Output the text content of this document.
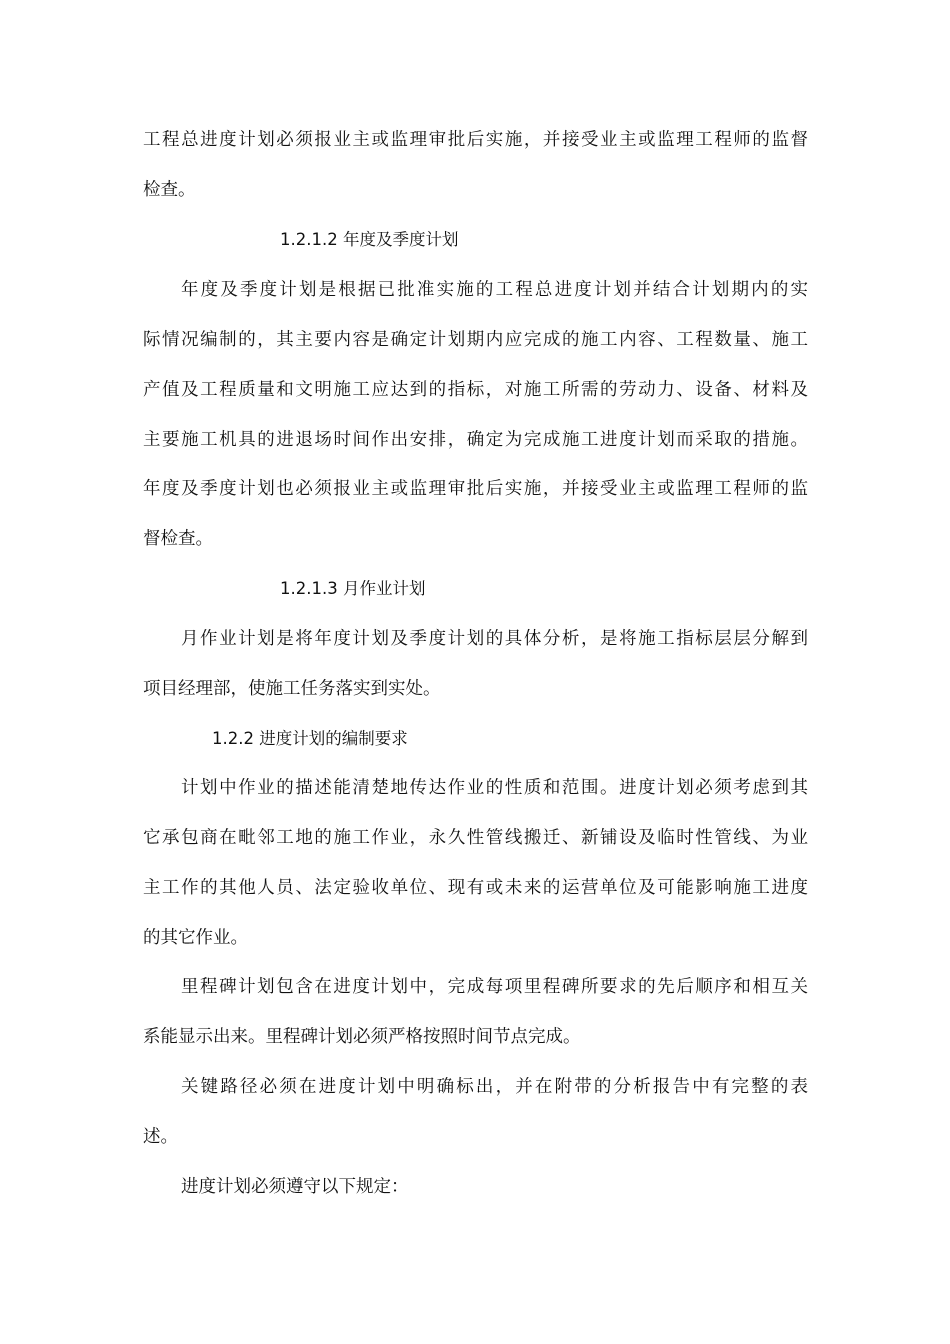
工程总进度计划必须报业主或监理审批后实施，并接受业主或监理工程师的监督
检查。
1.2.1.2 年度及季度计划
年度及季度计划是根据已批准实施的工程总进度计划并结合计划期内的实
际情况编制的，其主要内容是确定计划期内应完成的施工内容、工程数量、施工
产值及工程质量和文明施工应达到的指标，对施工所需的劳动力、设备、材料及
主要施工机具的进退场时间作出安排，确定为完成施工进度计划而采取的措施。
年度及季度计划也必须报业主或监理审批后实施，并接受业主或监理工程师的监
督检查。
1.2.1.3 月作业计划
月作业计划是将年度计划及季度计划的具体分析，是将施工指标层层分解到
项目经理部，使施工任务落实到实处。
1.2.2 进度计划的编制要求
计划中作业的描述能清楚地传达作业的性质和范围。进度计划必须考虑到其
它承包商在毗邻工地的施工作业，永久性管线搬迁、新铺设及临时性管线、为业
主工作的其他人员、法定验收单位、现有或未来的运营单位及可能影响施工进度
的其它作业。
里程碑计划包含在进度计划中，完成每项里程碑所要求的先后顺序和相互关
系能显示出来。里程碑计划必须严格按照时间节点完成。
关键路径必须在进度计划中明确标出，并在附带的分析报告中有完整的表
述。
进度计划必须遵守以下规定：
